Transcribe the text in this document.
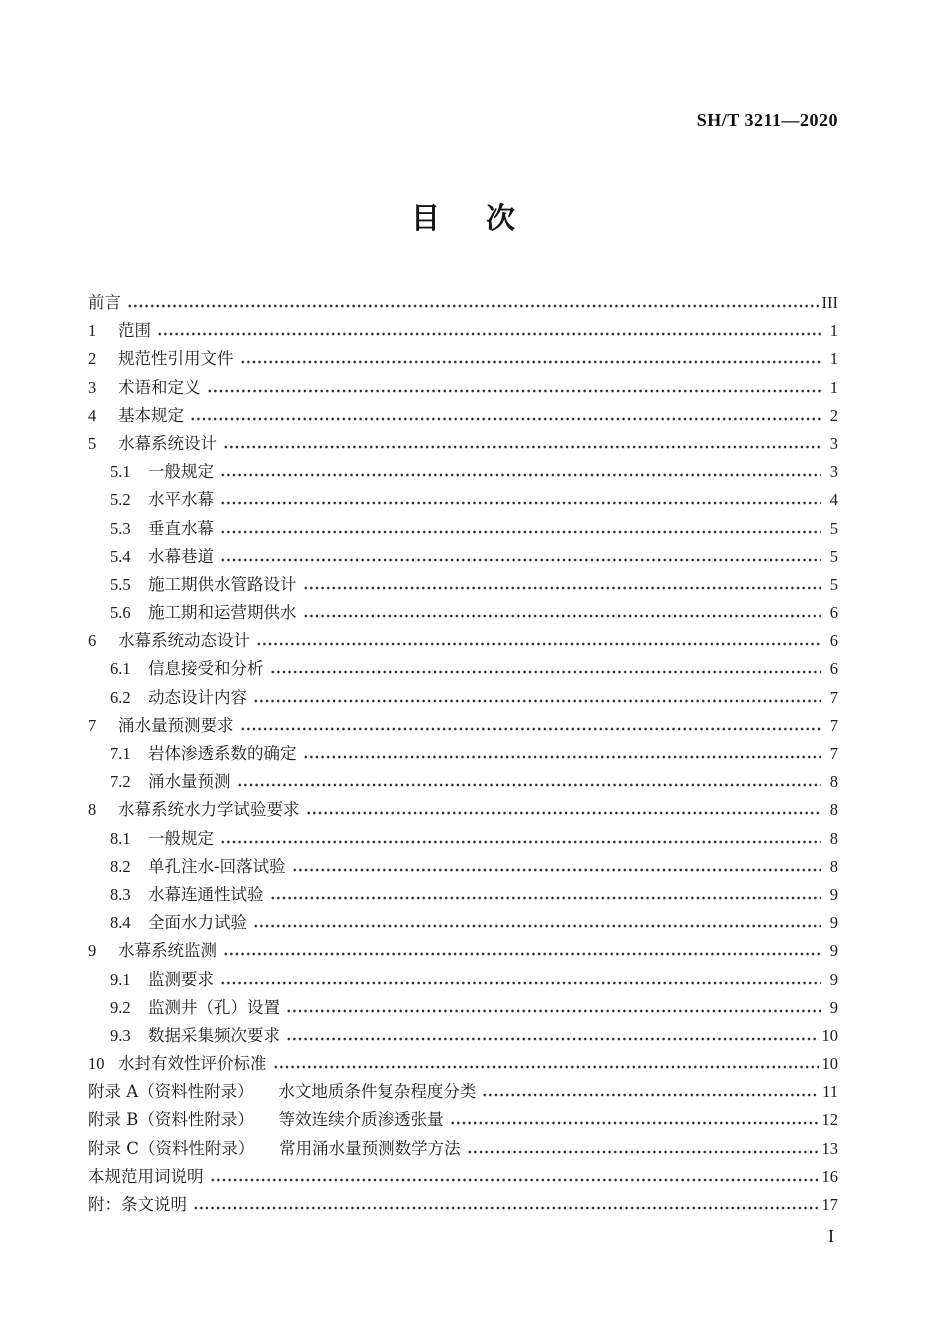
SH/T 3211—2020
目 次
前言	III
1	范围	1
2	规范性引用文件	1
3	术语和定义	1
4	基本规定	2
5	水幕系统设计	3
5.1	一般规定	3
5.2	水平水幕	4
5.3	垂直水幕	5
5.4	水幕巷道	5
5.5	施工期供水管路设计	5
5.6	施工期和运营期供水	6
6	水幕系统动态设计	6
6.1	信息接受和分析	6
6.2	动态设计内容	7
7	涌水量预测要求	7
7.1	岩体渗透系数的确定	7
7.2	涌水量预测	8
8	水幕系统水力学试验要求	8
8.1	一般规定	8
8.2	单孔注水-回落试验	8
8.3	水幕连通性试验	9
8.4	全面水力试验	9
9	水幕系统监测	9
9.1	监测要求	9
9.2	监测井（孔）设置	9
9.3	数据采集频次要求	10
10 水封有效性评价标准	10
附录 A（资料性附录）　　水文地质条件复杂程度分类	11
附录 B（资料性附录）　　等效连续介质渗透张量	12
附录 C（资料性附录）　　常用涌水量预测数学方法	13
本规范用词说明	16
附：条文说明	17
I
